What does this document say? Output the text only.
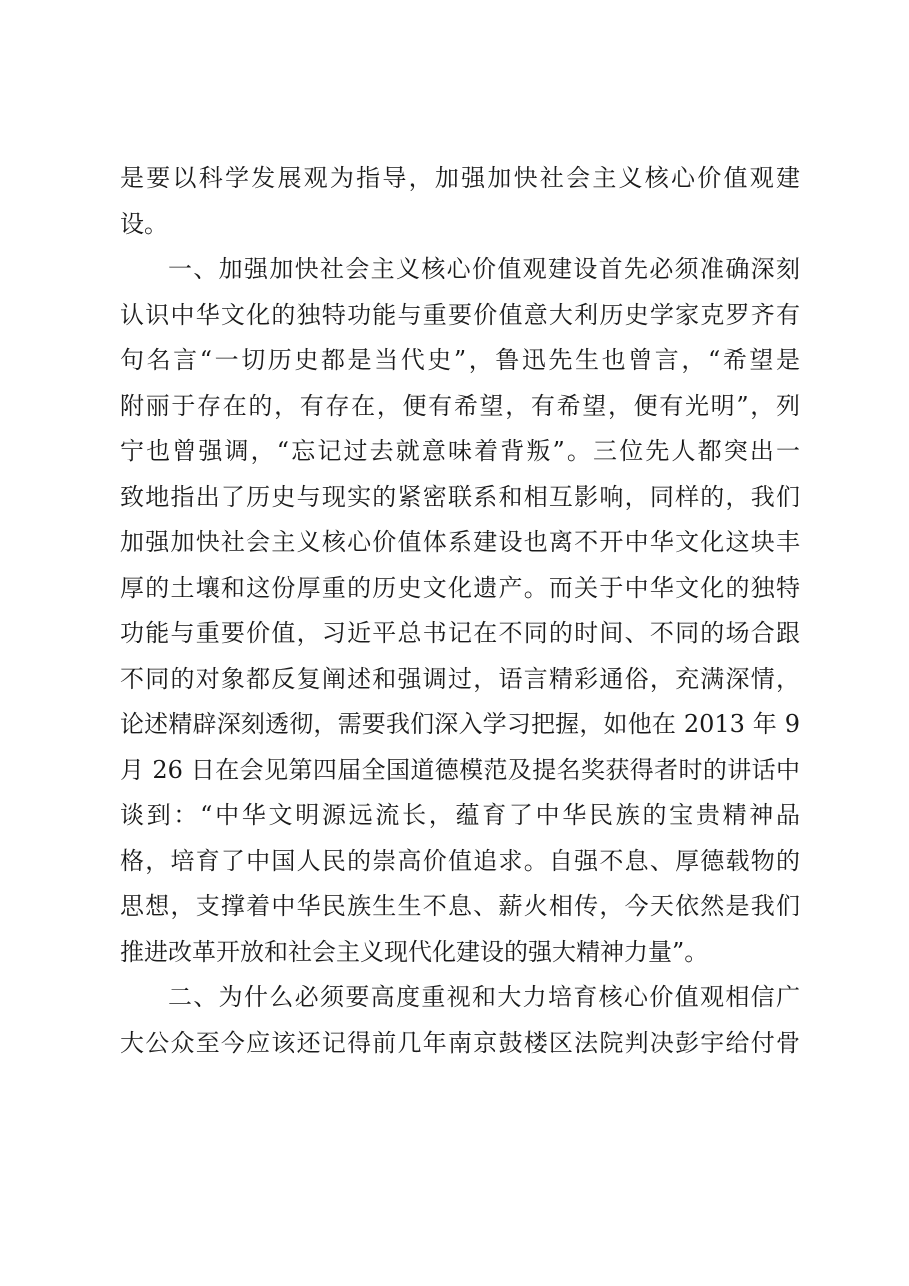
是要以科学发展观为指导，加强加快社会主义核心价值观建
设。
一、加强加快社会主义核心价值观建设首先必须准确深刻
认识中华文化的独特功能与重要价值意大利历史学家克罗齐有
句名言“一切历史都是当代史”，鲁迅先生也曾言，“希望是
附丽于存在的，有存在，便有希望，有希望，便有光明”，列
宁也曾强调，“忘记过去就意味着背叛”。三位先人都突出一
致地指出了历史与现实的紧密联系和相互影响，同样的，我们
加强加快社会主义核心价值体系建设也离不开中华文化这块丰
厚的土壤和这份厚重的历史文化遗产。而关于中华文化的独特
功能与重要价值，习近平总书记在不同的时间、不同的场合跟
不同的对象都反复阐述和强调过，语言精彩通俗，充满深情，
论述精辟深刻透彻，需要我们深入学习把握，如他在 2013 年 9
月 26 日在会见第四届全国道德模范及提名奖获得者时的讲话中
谈到：“中华文明源远流长，蕴育了中华民族的宝贵精神品
格，培育了中国人民的崇高价值追求。自强不息、厚德载物的
思想，支撑着中华民族生生不息、薪火相传，今天依然是我们
推进改革开放和社会主义现代化建设的强大精神力量”。
二、为什么必须要高度重视和大力培育核心价值观相信广
大公众至今应该还记得前几年南京鼓楼区法院判决彭宇给付骨
